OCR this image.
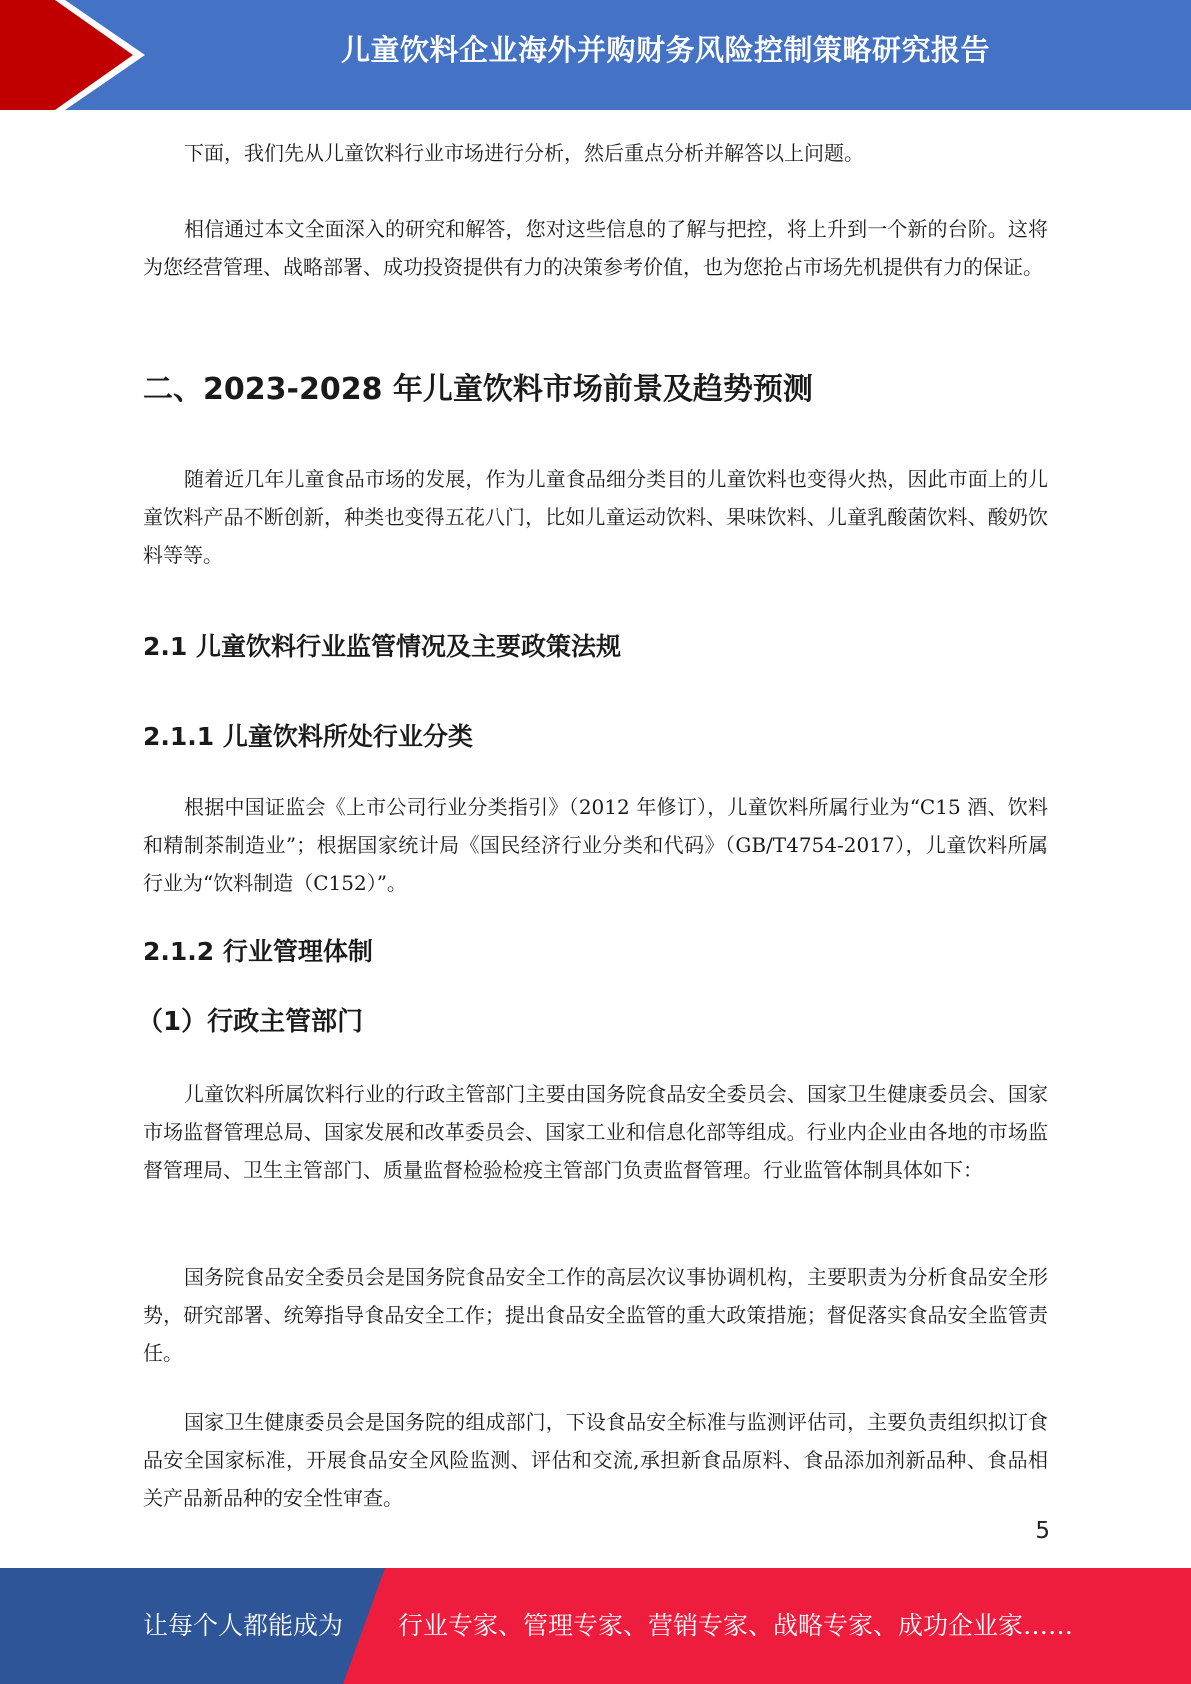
儿童饮料企业海外并购财务风险控制策略研究报告

下面，我们先从儿童饮料行业市场进行分析，然后重点分析并解答以上问题。

相信通过本文全面深入的研究和解答，您对这些信息的了解与把控，将上升到一个新的台阶。这将为您经营管理、战略部署、成功投资提供有力的决策参考价值，也为您抢占市场先机提供有力的保证。

二、2023-2028 年儿童饮料市场前景及趋势预测

随着近几年儿童食品市场的发展，作为儿童食品细分类目的儿童饮料也变得火热，因此市面上的儿童饮料产品不断创新，种类也变得五花八门，比如儿童运动饮料、果味饮料、儿童乳酸菌饮料、酸奶饮料等等。

2.1 儿童饮料行业监管情况及主要政策法规
2.1.1 儿童饮料所处行业分类

根据中国证监会《上市公司行业分类指引》（2012 年修订），儿童饮料所属行业为“C15 酒、饮料和精制茶制造业”；根据国家统计局《国民经济行业分类和代码》（GB/T4754-2017），儿童饮料所属行业为“饮料制造（C152）”。

2.1.2 行业管理体制
（1）行政主管部门

儿童饮料所属饮料行业的行政主管部门主要由国务院食品安全委员会、国家卫生健康委员会、国家市场监督管理总局、国家发展和改革委员会、国家工业和信息化部等组成。行业内企业由各地的市场监督管理局、卫生主管部门、质量监督检验检疫主管部门负责监督管理。行业监管体制具体如下：

国务院食品安全委员会是国务院食品安全工作的高层次议事协调机构，主要职责为分析食品安全形势，研究部署、统筹指导食品安全工作；提出食品安全监管的重大政策措施；督促落实食品安全监管责任。

国家卫生健康委员会是国务院的组成部门，下设食品安全标准与监测评估司，主要负责组织拟订食品安全国家标准，开展食品安全风险监测、评估和交流,承担新食品原料、食品添加剂新品种、食品相关产品新品种的安全性审查。

5
让每个人都能成为 行业专家、管理专家、营销专家、战略专家、成功企业家……
